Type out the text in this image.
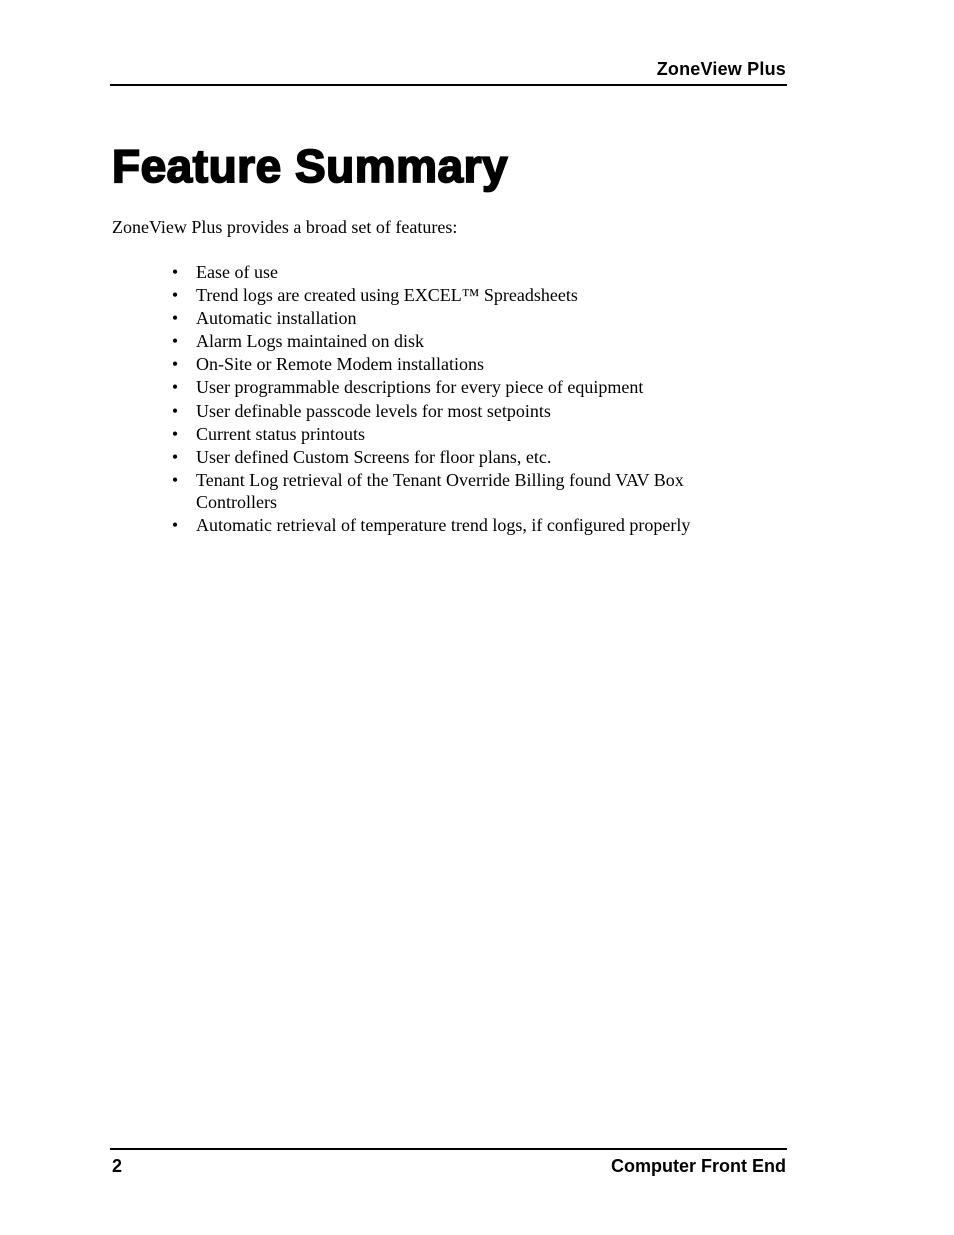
ZoneView Plus
Feature Summary

ZoneView Plus provides a broad set of features:

• Ease of use
• Trend logs are created using EXCEL™ Spreadsheets
• Automatic installation
• Alarm Logs maintained on disk
• On-Site or Remote Modem installations
• User programmable descriptions for every piece of equipment
• User definable passcode levels for most setpoints
• Current status printouts
• User defined Custom Screens for floor plans, etc.
• Tenant Log retrieval of the Tenant Override Billing found VAV Box Controllers
• Automatic retrieval of temperature trend logs, if configured properly
2	Computer Front End
